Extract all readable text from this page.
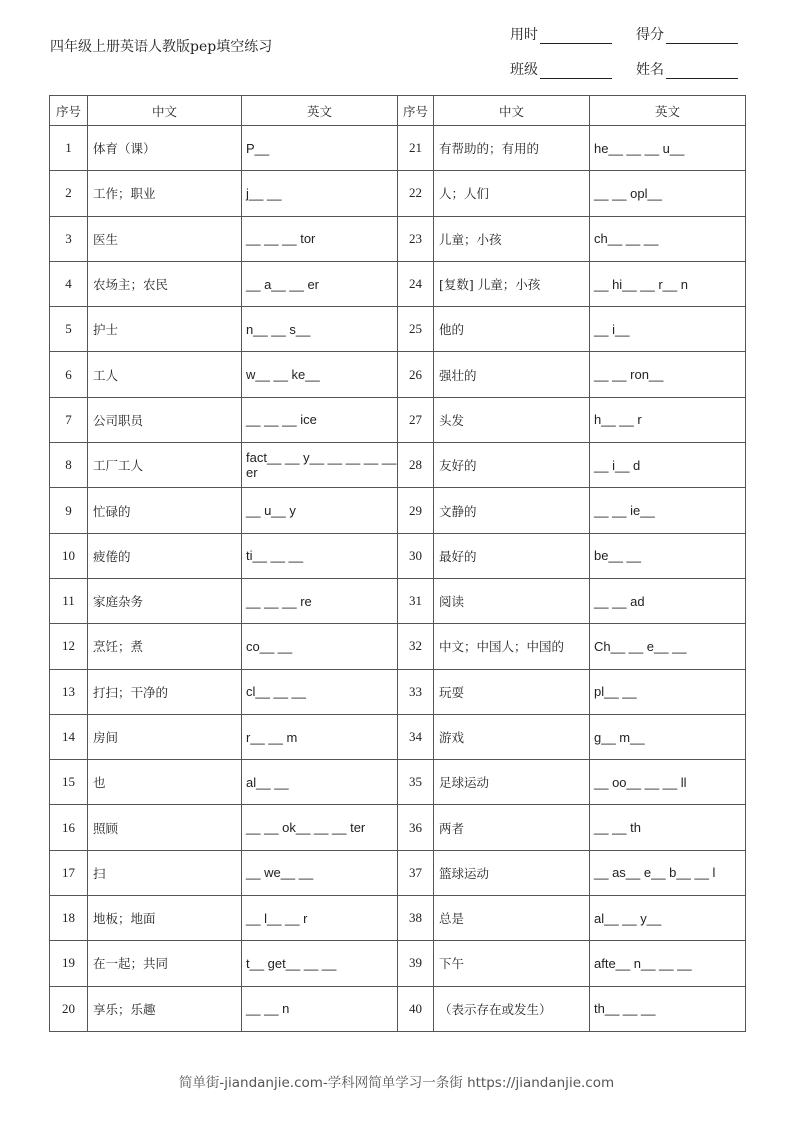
四年级上册英语人教版pep填空练习
用时	得分
班级	姓名
序号	中文	英文	序号	中文	英文
1	体育（课）	P__	21	有帮助的；有用的	he__ __ __ u__
2	工作；职业	j__ __	22	人；人们	__ __ opl__
3	医生	__ __ __ tor	23	儿童；小孩	ch__ __ __
4	农场主；农民	__ a__ __ er	24	[复数] 儿童；小孩	__ hi__ __ r__ n
5	护士	n__ __ s__	25	他的	__ i__
6	工人	w__ __ ke__	26	强壮的	__ __ ron__
7	公司职员	__ __ __ ice	27	头发	h__ __ r
8	工厂工人	fact__ __ y__ __ __ __ __ er	28	友好的	__ i__ d
9	忙碌的	__ u__ y	29	文静的	__ __ ie__
10	疲倦的	ti__ __ __	30	最好的	be__ __
11	家庭杂务	__ __ __ re	31	阅读	__ __ ad
12	烹饪；煮	co__ __	32	中文；中国人；中国的	Ch__ __ e__ __
13	打扫；干净的	cl__ __ __	33	玩耍	pl__ __
14	房间	r__ __ m	34	游戏	g__ m__
15	也	al__ __	35	足球运动	__ oo__ __ __ ll
16	照顾	__ __ ok__ __ __ ter	36	两者	__ __ th
17	扫	__ we__ __	37	篮球运动	__ as__ e__ b__ __ l
18	地板；地面	__ l__ __ r	38	总是	al__ __ y__
19	在一起；共同	t__ get__ __ __	39	下午	afte__ n__ __ __
20	享乐；乐趣	__ __ n	40	（表示存在或发生）	th__ __ __
简单街-jiandanjie.com-学科网简单学习一条街 https://jiandanjie.com
